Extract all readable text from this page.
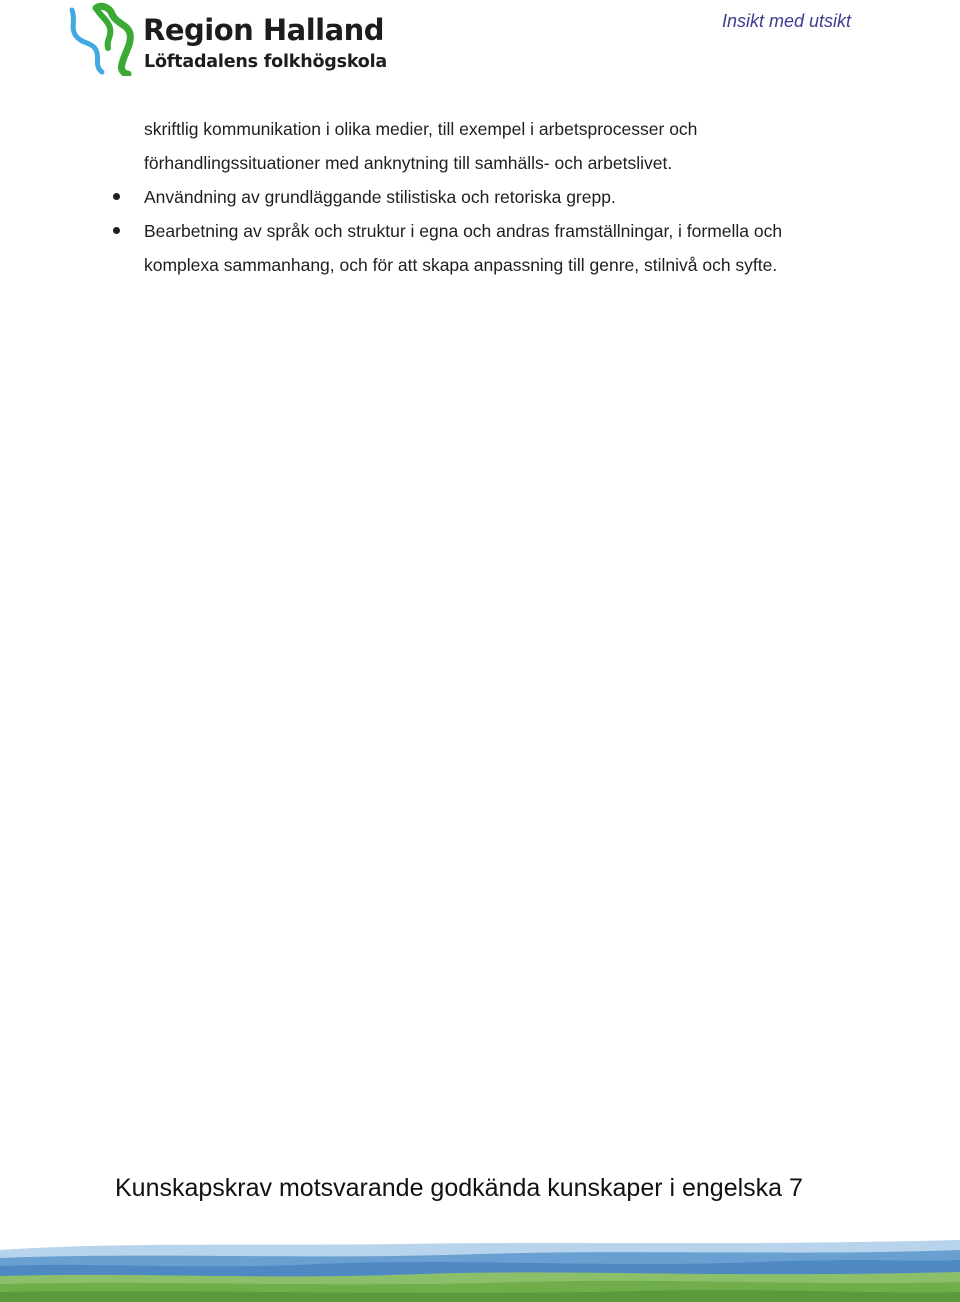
Region Halland
Löftadalens folkhögskola
Insikt med utsikt

skriftlig kommunikation i olika medier, till exempel i arbetsprocesser och

förhandlingssituationer med anknytning till samhälls- och arbetslivet.

Användning av grundläggande stilistiska och retoriska grepp.
Bearbetning av språk och struktur i egna och andras framställningar, i formella och
komplexa sammanhang, och för att skapa anpassning till genre, stilnivå och syfte.
Kunskapskrav motsvarande godkända kunskaper i engelska 7
